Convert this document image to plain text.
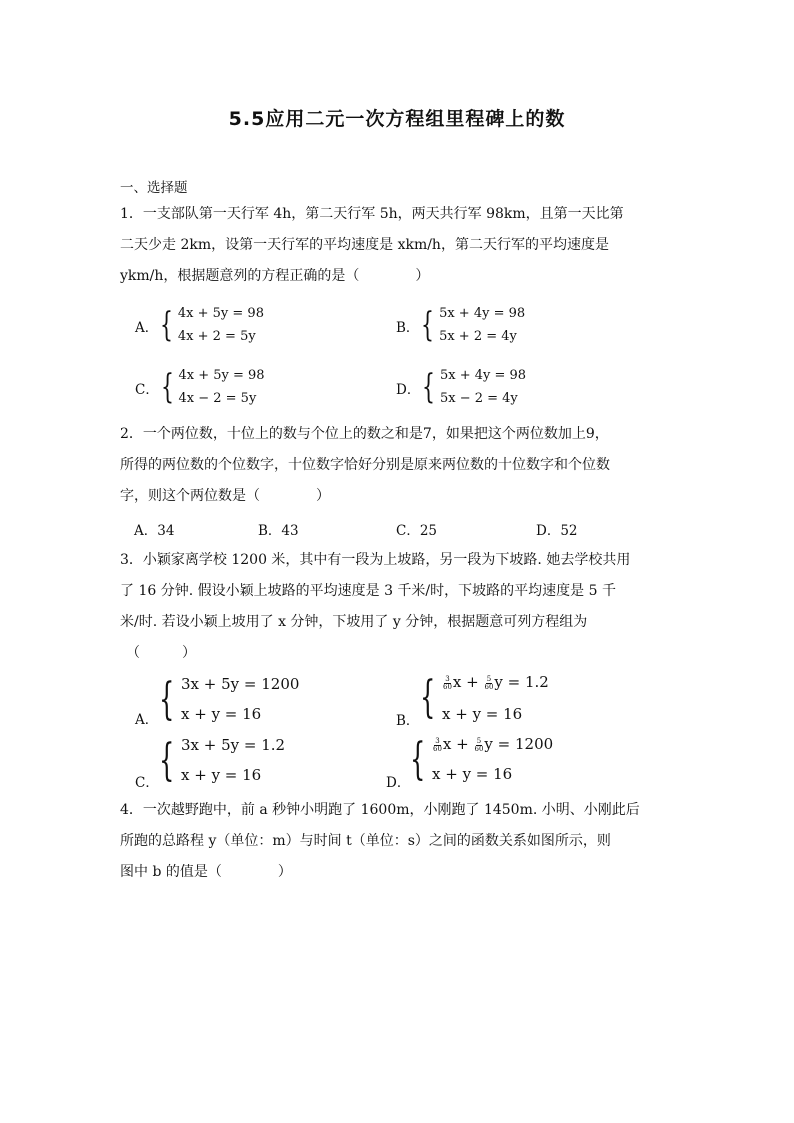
5.5应用二元一次方程组里程碑上的数
一、选择题
1．一支部队第一天行军 4h，第二天行军 5h，两天共行军 98km，且第一天比第
二天少走 2km，设第一天行军的平均速度是 xkm/h，第二天行军的平均速度是
ykm/h，根据题意列的方程正确的是（　　　　）
A． { 4x + 5y = 98
4x + 2 = 5y
B． { 5x + 4y = 98
5x + 2 = 4y
C． { 4x + 5y = 98
4x − 2 = 5y
D． { 5x + 4y = 98
5x − 2 = 4y
2．一个两位数，十位上的数与个位上的数之和是7，如果把这个两位数加上9，
所得的两位数的个位数字，十位数字恰好分别是原来两位数的十位数字和个位数
字，则这个两位数是（　　　　）
A．34	B．43	C．25	D．52
3．小颖家离学校 1200 米，其中有一段为上坡路，另一段为下坡路. 她去学校共用
了 16 分钟. 假设小颖上坡路的平均速度是 3 千米/时，下坡路的平均速度是 5 千
米/时. 若设小颖上坡用了 x 分钟，下坡用了 y 分钟，根据题意可列方程组为
（　　　）
A． { 3x + 5y = 1200
x + y = 16	B． { $\frac{3}{60}$ $x + \frac{5}{60}$ y = 1.2
x + y = 16
C． { 3x + 5y = 1.2
x + y = 16	D． { $\frac{3}{60}$ $x + \frac{5}{60}$ y = 1200
x + y = 16
4．一次越野跑中，前 a 秒钟小明跑了 1600m，小刚跑了 1450m. 小明、小刚此后
所跑的总路程 y（单位：m）与时间 t（单位：s）之间的函数关系如图所示，则
图中 b 的值是（　　　　）
